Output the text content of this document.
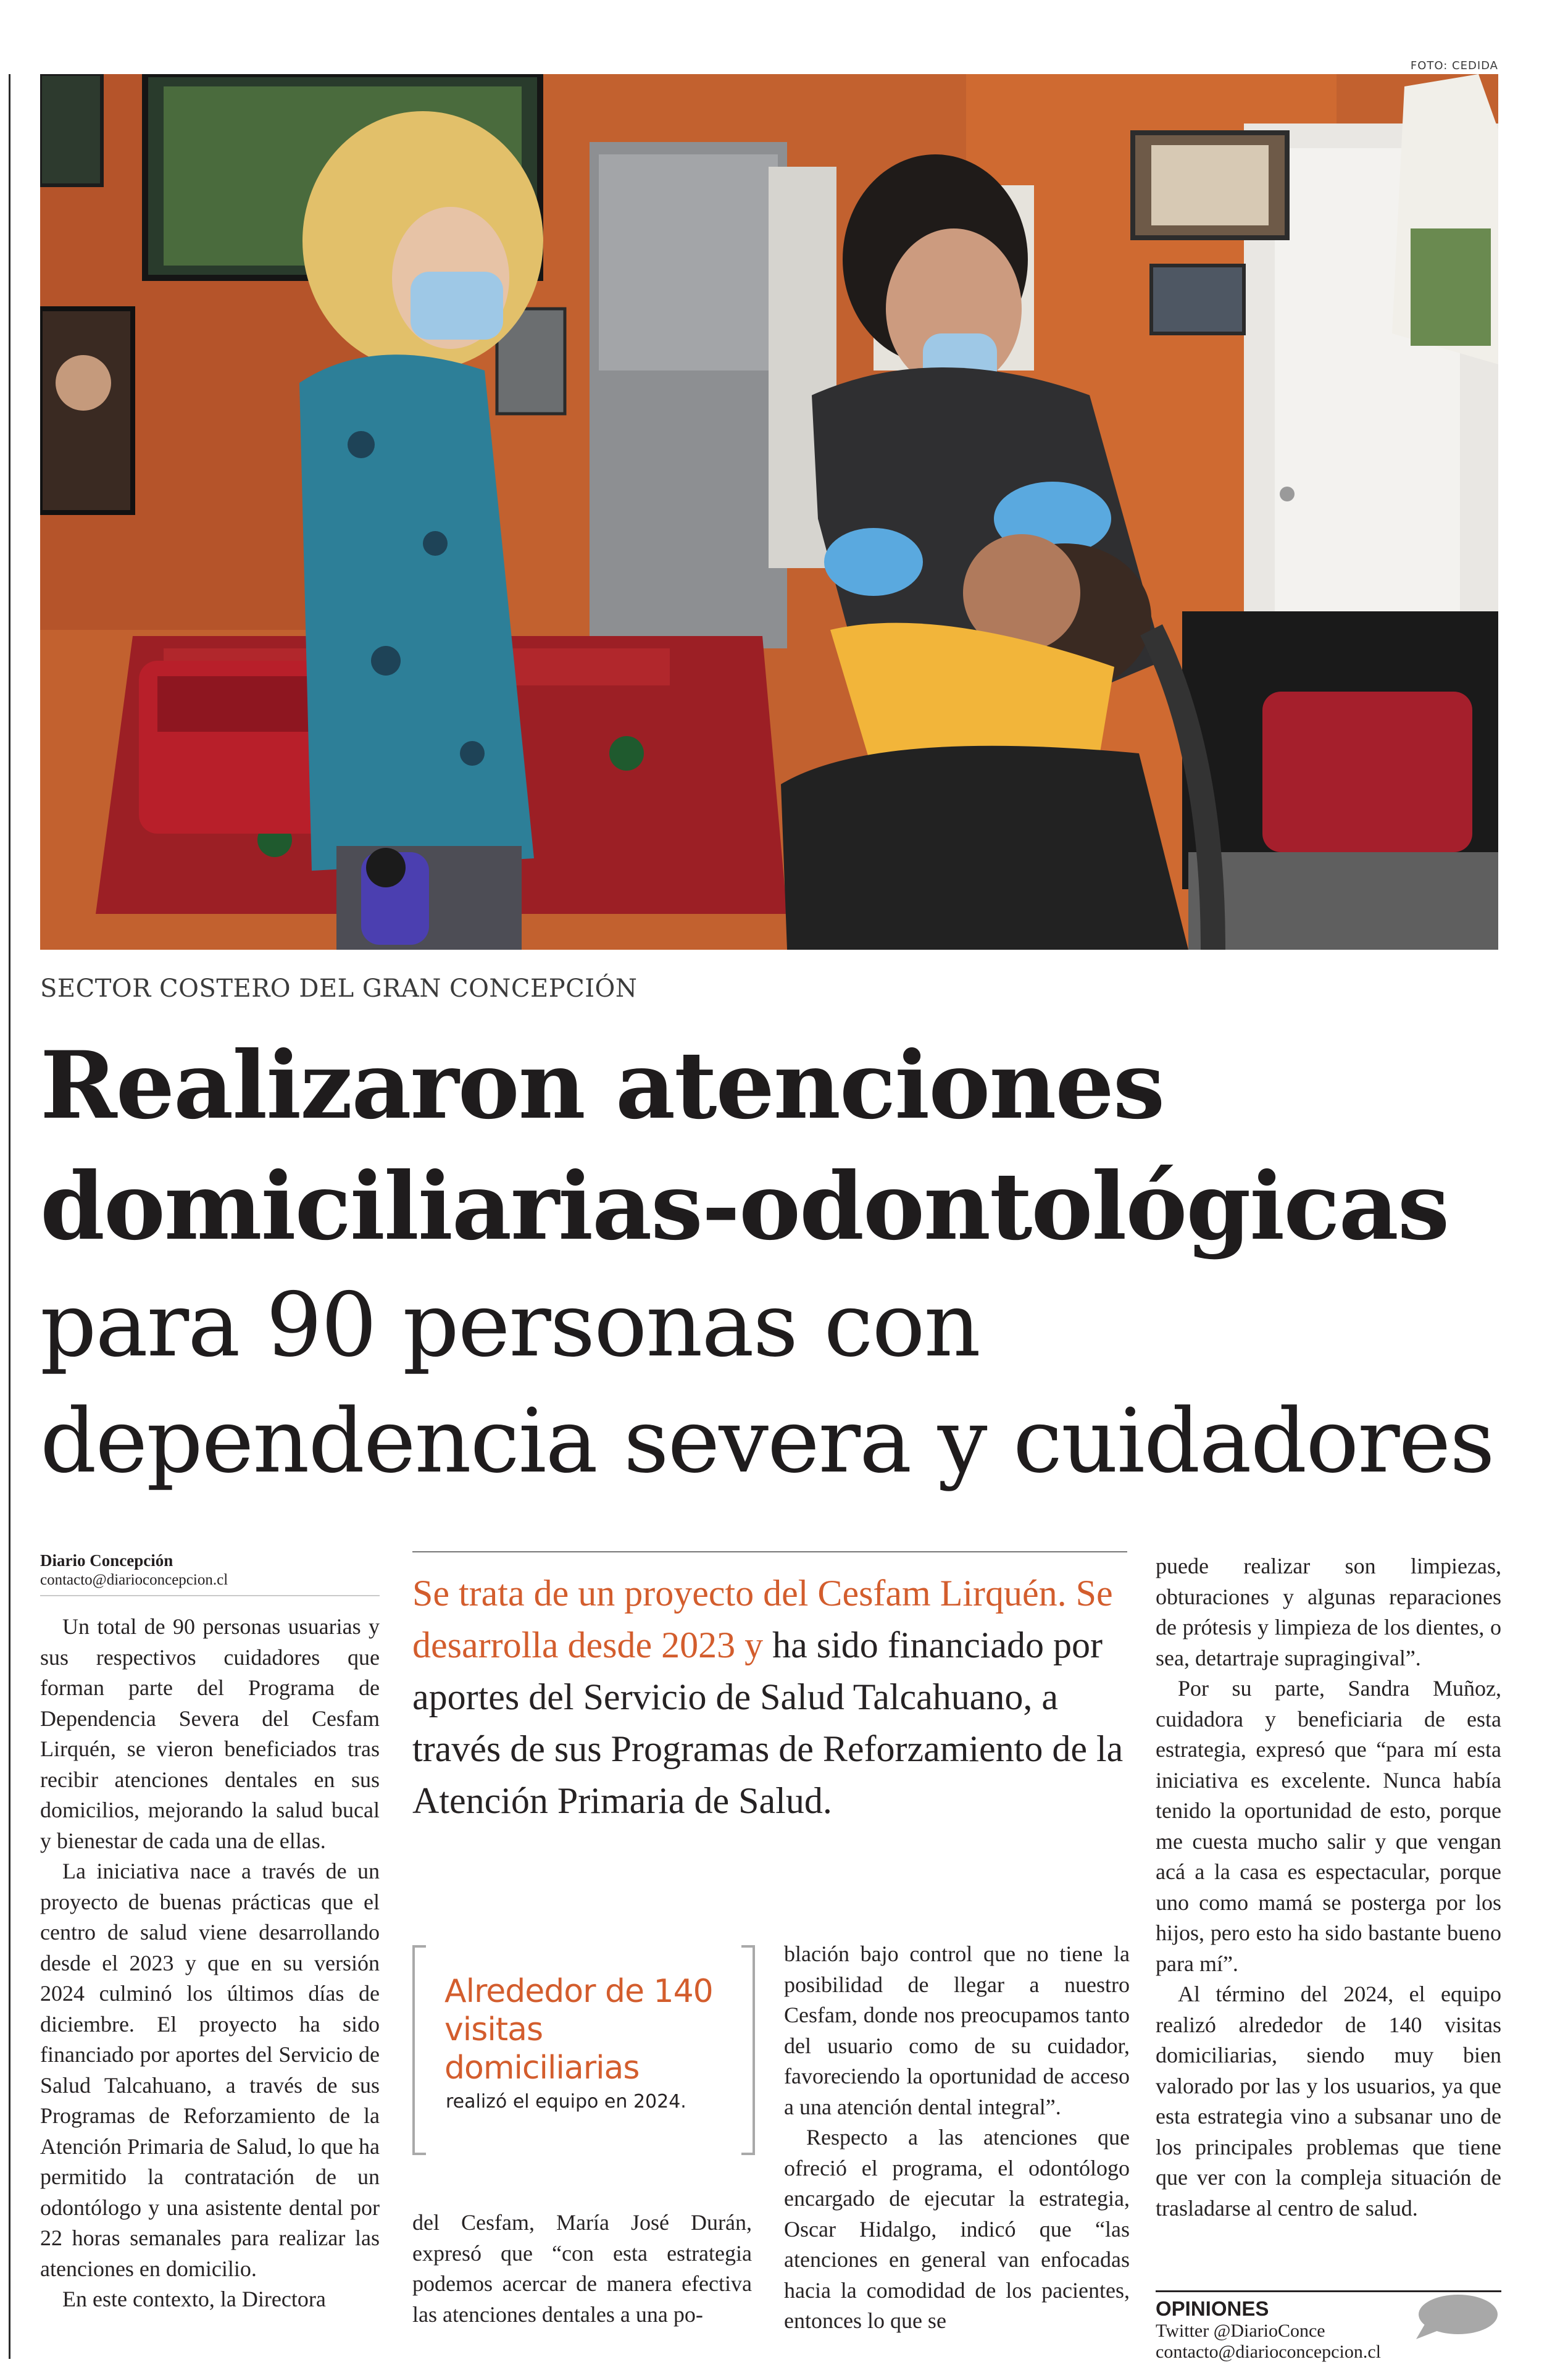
FOTO: CEDIDA
SECTOR COSTERO DEL GRAN CONCEPCIÓN
Realizaron atenciones
domiciliarias-odontológicas
para 90 personas con
dependencia severa y cuidadores
Diario Concepción
contacto@diarioconcepcion.cl

Un total de 90 personas usuarias y sus respectivos cuidadores que forman parte del Programa de Dependencia Severa del Cesfam Lirquén, se vieron beneficiados tras recibir atenciones dentales en sus domicilios, mejorando la salud bucal y bienestar de cada una de ellas.

La iniciativa nace a través de un proyecto de buenas prácticas que el centro de salud viene desarrollando desde el 2023 y que en su versión 2024 culminó los últimos días de diciembre. El proyecto ha sido financiado por aportes del Servicio de Salud Talcahuano, a través de sus Programas de Reforzamiento de la Atención Primaria de Salud, lo que ha permitido la contratación de un odontólogo y una asistente dental por 22 horas semanales para realizar las atenciones en domicilio.

En este contexto, la Directora

Se trata de un proyecto del Cesfam Lirquén. Se desarrolla desde 2023 y ha sido financiado por aportes del Servicio de Salud Talcahuano, a través de sus Programas de Reforzamiento de la Atención Primaria de Salud.
Alrededor de 140 visitas domiciliarias
realizó el equipo en 2024.

del Cesfam, María José Durán, expresó que “con esta estrategia podemos acercar de manera efectiva las atenciones dentales a una po-

blación bajo control que no tiene la posibilidad de llegar a nuestro Cesfam, donde nos preocupamos tanto del usuario como de su cuidador, favoreciendo la oportunidad de acceso a una atención dental integral”.

Respecto a las atenciones que ofreció el programa, el odontólogo encargado de ejecutar la estrategia, Oscar Hidalgo, indicó que “las atenciones en general van enfocadas hacia la comodidad de los pacientes, entonces lo que se

puede realizar son limpiezas, obturaciones y algunas reparaciones de prótesis y limpieza de los dientes, o sea, detartraje supragingival”.

Por su parte, Sandra Muñoz, cuidadora y beneficiaria de esta estrategia, expresó que “para mí esta iniciativa es excelente. Nunca había tenido la oportunidad de esto, porque me cuesta mucho salir y que vengan acá a la casa es espectacular, porque uno como mamá se posterga por los hijos, pero esto ha sido bastante bueno para mí”.

Al término del 2024, el equipo realizó alrededor de 140 visitas domiciliarias, siendo muy bien valorado por las y los usuarios, ya que esta estrategia vino a subsanar uno de los principales problemas que tiene que ver con la compleja situación de trasladarse al centro de salud.

OPINIONES
Twitter @DiarioConce
contacto@diarioconcepcion.cl
